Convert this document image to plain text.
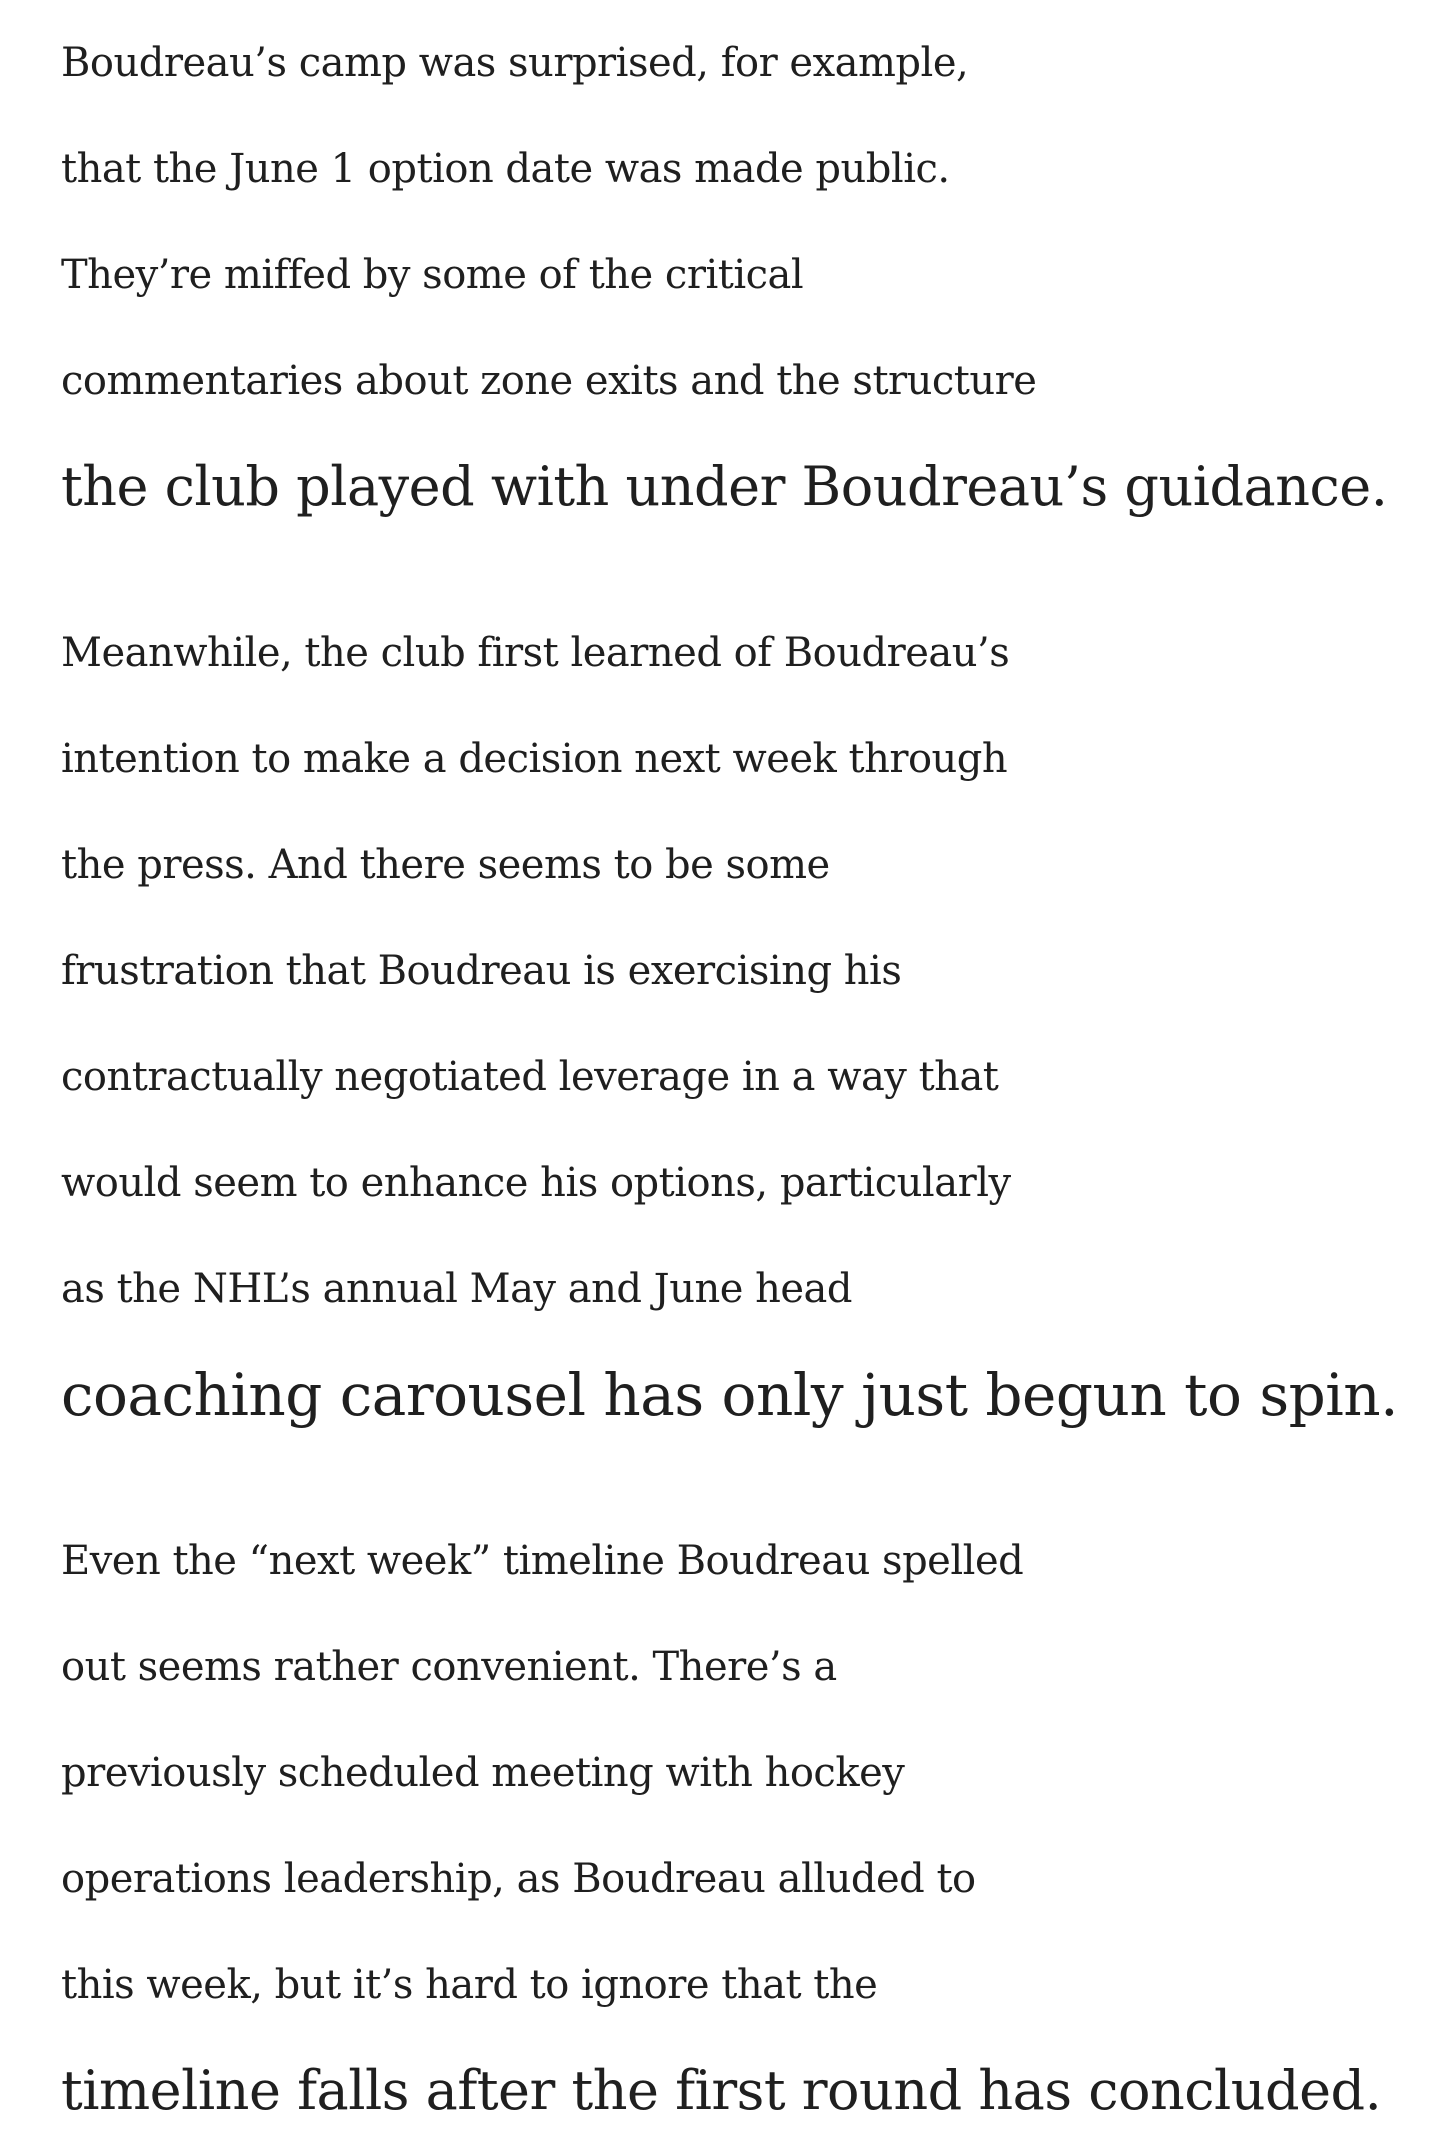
Boudreau’s camp was surprised, for example,
that the June 1 option date was made public.
They’re miffed by some of the critical
commentaries about zone exits and the structure
the club played with under Boudreau’s guidance.

Meanwhile, the club first learned of Boudreau’s
intention to make a decision next week through
the press. And there seems to be some
frustration that Boudreau is exercising his
contractually negotiated leverage in a way that
would seem to enhance his options, particularly
as the NHL’s annual May and June head
coaching carousel has only just begun to spin.

Even the “next week” timeline Boudreau spelled
out seems rather convenient. There’s a
previously scheduled meeting with hockey
operations leadership, as Boudreau alluded to
this week, but it’s hard to ignore that the
timeline falls after the first round has concluded.
